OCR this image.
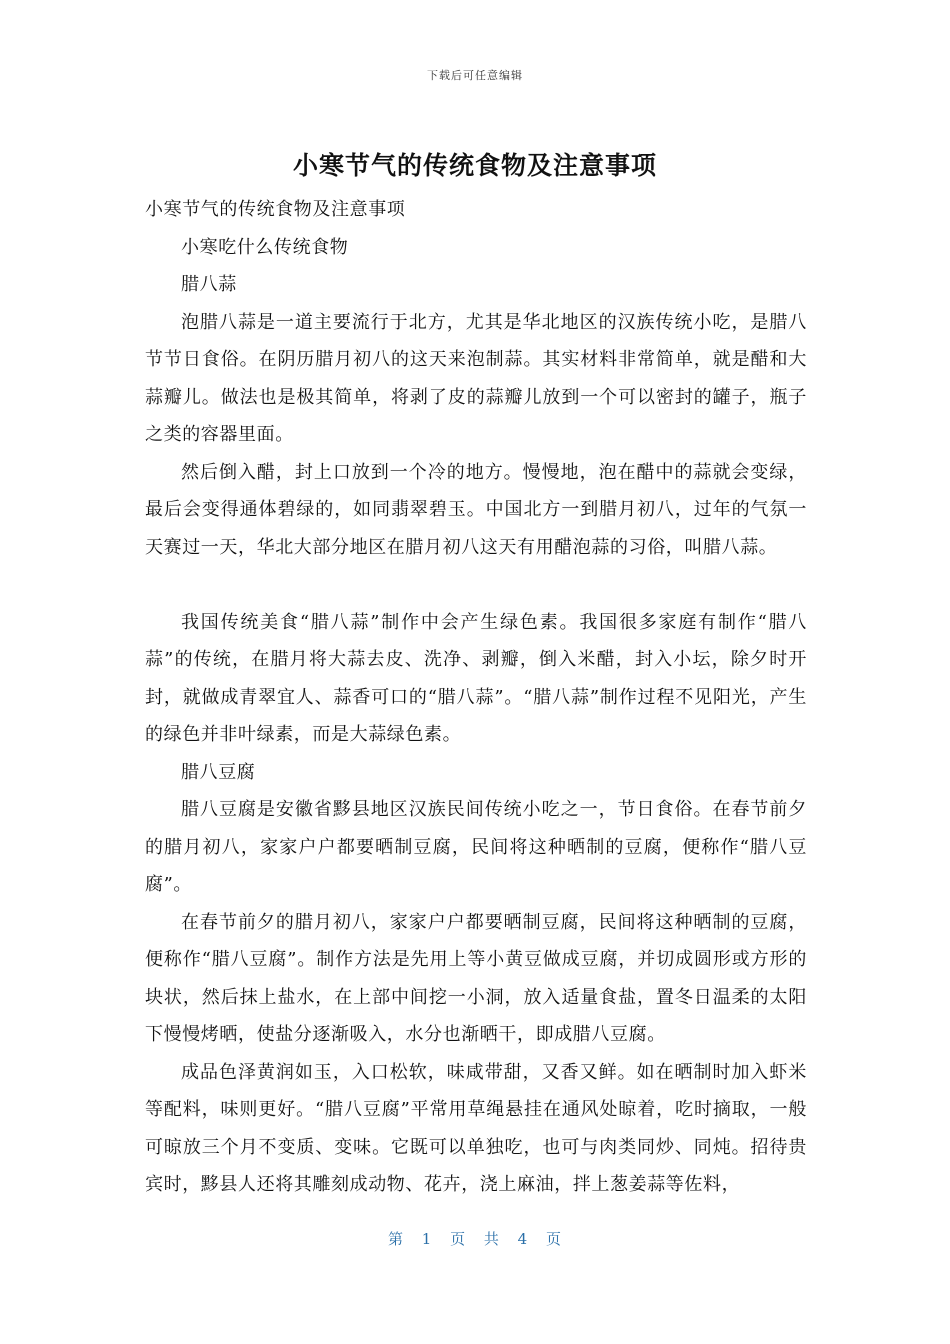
下载后可任意编辑
小寒节气的传统食物及注意事项

小寒节气的传统食物及注意事项

小寒吃什么传统食物

腊八蒜

泡腊八蒜是一道主要流行于北方，尤其是华北地区的汉族传统小吃，是腊八节节日食俗。在阴历腊月初八的这天来泡制蒜。其实材料非常简单，就是醋和大蒜瓣儿。做法也是极其简单，将剥了皮的蒜瓣儿放到一个可以密封的罐子，瓶子之类的容器里面。

然后倒入醋，封上口放到一个冷的地方。慢慢地，泡在醋中的蒜就会变绿，最后会变得通体碧绿的，如同翡翠碧玉。中国北方一到腊月初八，过年的气氛一天赛过一天，华北大部分地区在腊月初八这天有用醋泡蒜的习俗，叫腊八蒜。

我国传统美食“腊八蒜”制作中会产生绿色素。我国很多家庭有制作“腊八蒜”的传统，在腊月将大蒜去皮、洗净、剥瓣，倒入米醋，封入小坛，除夕时开封，就做成青翠宜人、蒜香可口的“腊八蒜”。“腊八蒜”制作过程不见阳光，产生的绿色并非叶绿素，而是大蒜绿色素。

腊八豆腐

腊八豆腐是安徽省黟县地区汉族民间传统小吃之一，节日食俗。在春节前夕的腊月初八，家家户户都要晒制豆腐，民间将这种晒制的豆腐，便称作“腊八豆腐”。

在春节前夕的腊月初八，家家户户都要晒制豆腐，民间将这种晒制的豆腐，便称作“腊八豆腐”。制作方法是先用上等小黄豆做成豆腐，并切成圆形或方形的块状，然后抹上盐水，在上部中间挖一小洞，放入适量食盐，置冬日温柔的太阳下慢慢烤晒，使盐分逐渐吸入，水分也渐晒干，即成腊八豆腐。

成品色泽黄润如玉，入口松软，味咸带甜，又香又鲜。如在晒制时加入虾米等配料，味则更好。“腊八豆腐”平常用草绳悬挂在通风处晾着，吃时摘取，一般可晾放三个月不变质、变味。它既可以单独吃，也可与肉类同炒、同炖。招待贵宾时，黟县人还将其雕刻成动物、花卉，浇上麻油，拌上葱姜蒜等佐料，

第 1 页 共 4 页
